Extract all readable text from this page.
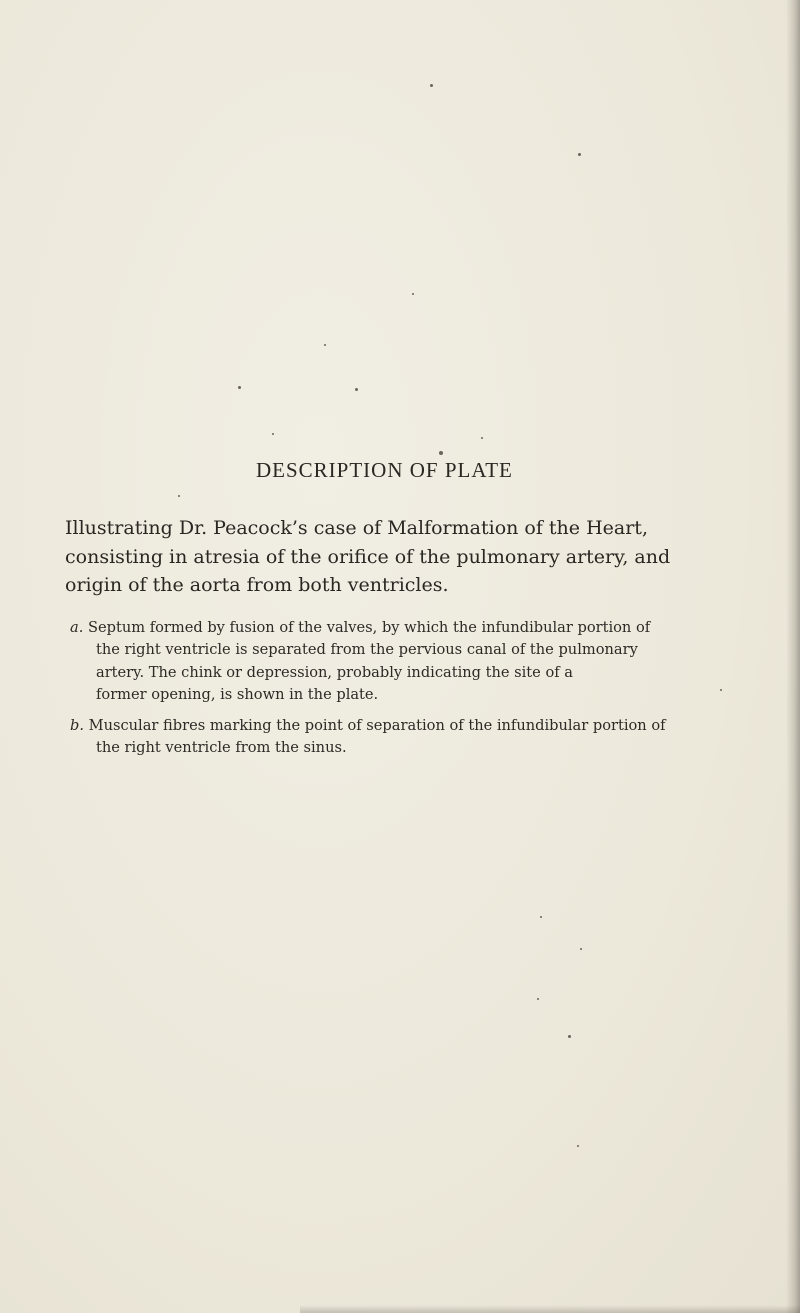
DESCRIPTION OF PLATE
Illustrating Dr. Peacock’s case of Malformation of the Heart,
consisting in atresia of the orifice of the pulmonary artery, and
origin of the aorta from both ventricles.
a. Septum formed by fusion of the valves, by which the infundibular portion of
the right ventricle is separated from the pervious canal of the pulmonary
artery. The chink or depression, probably indicating the site of a
former opening, is shown in the plate.
b. Muscular fibres marking the point of separation of the infundibular portion of
the right ventricle from the sinus.
